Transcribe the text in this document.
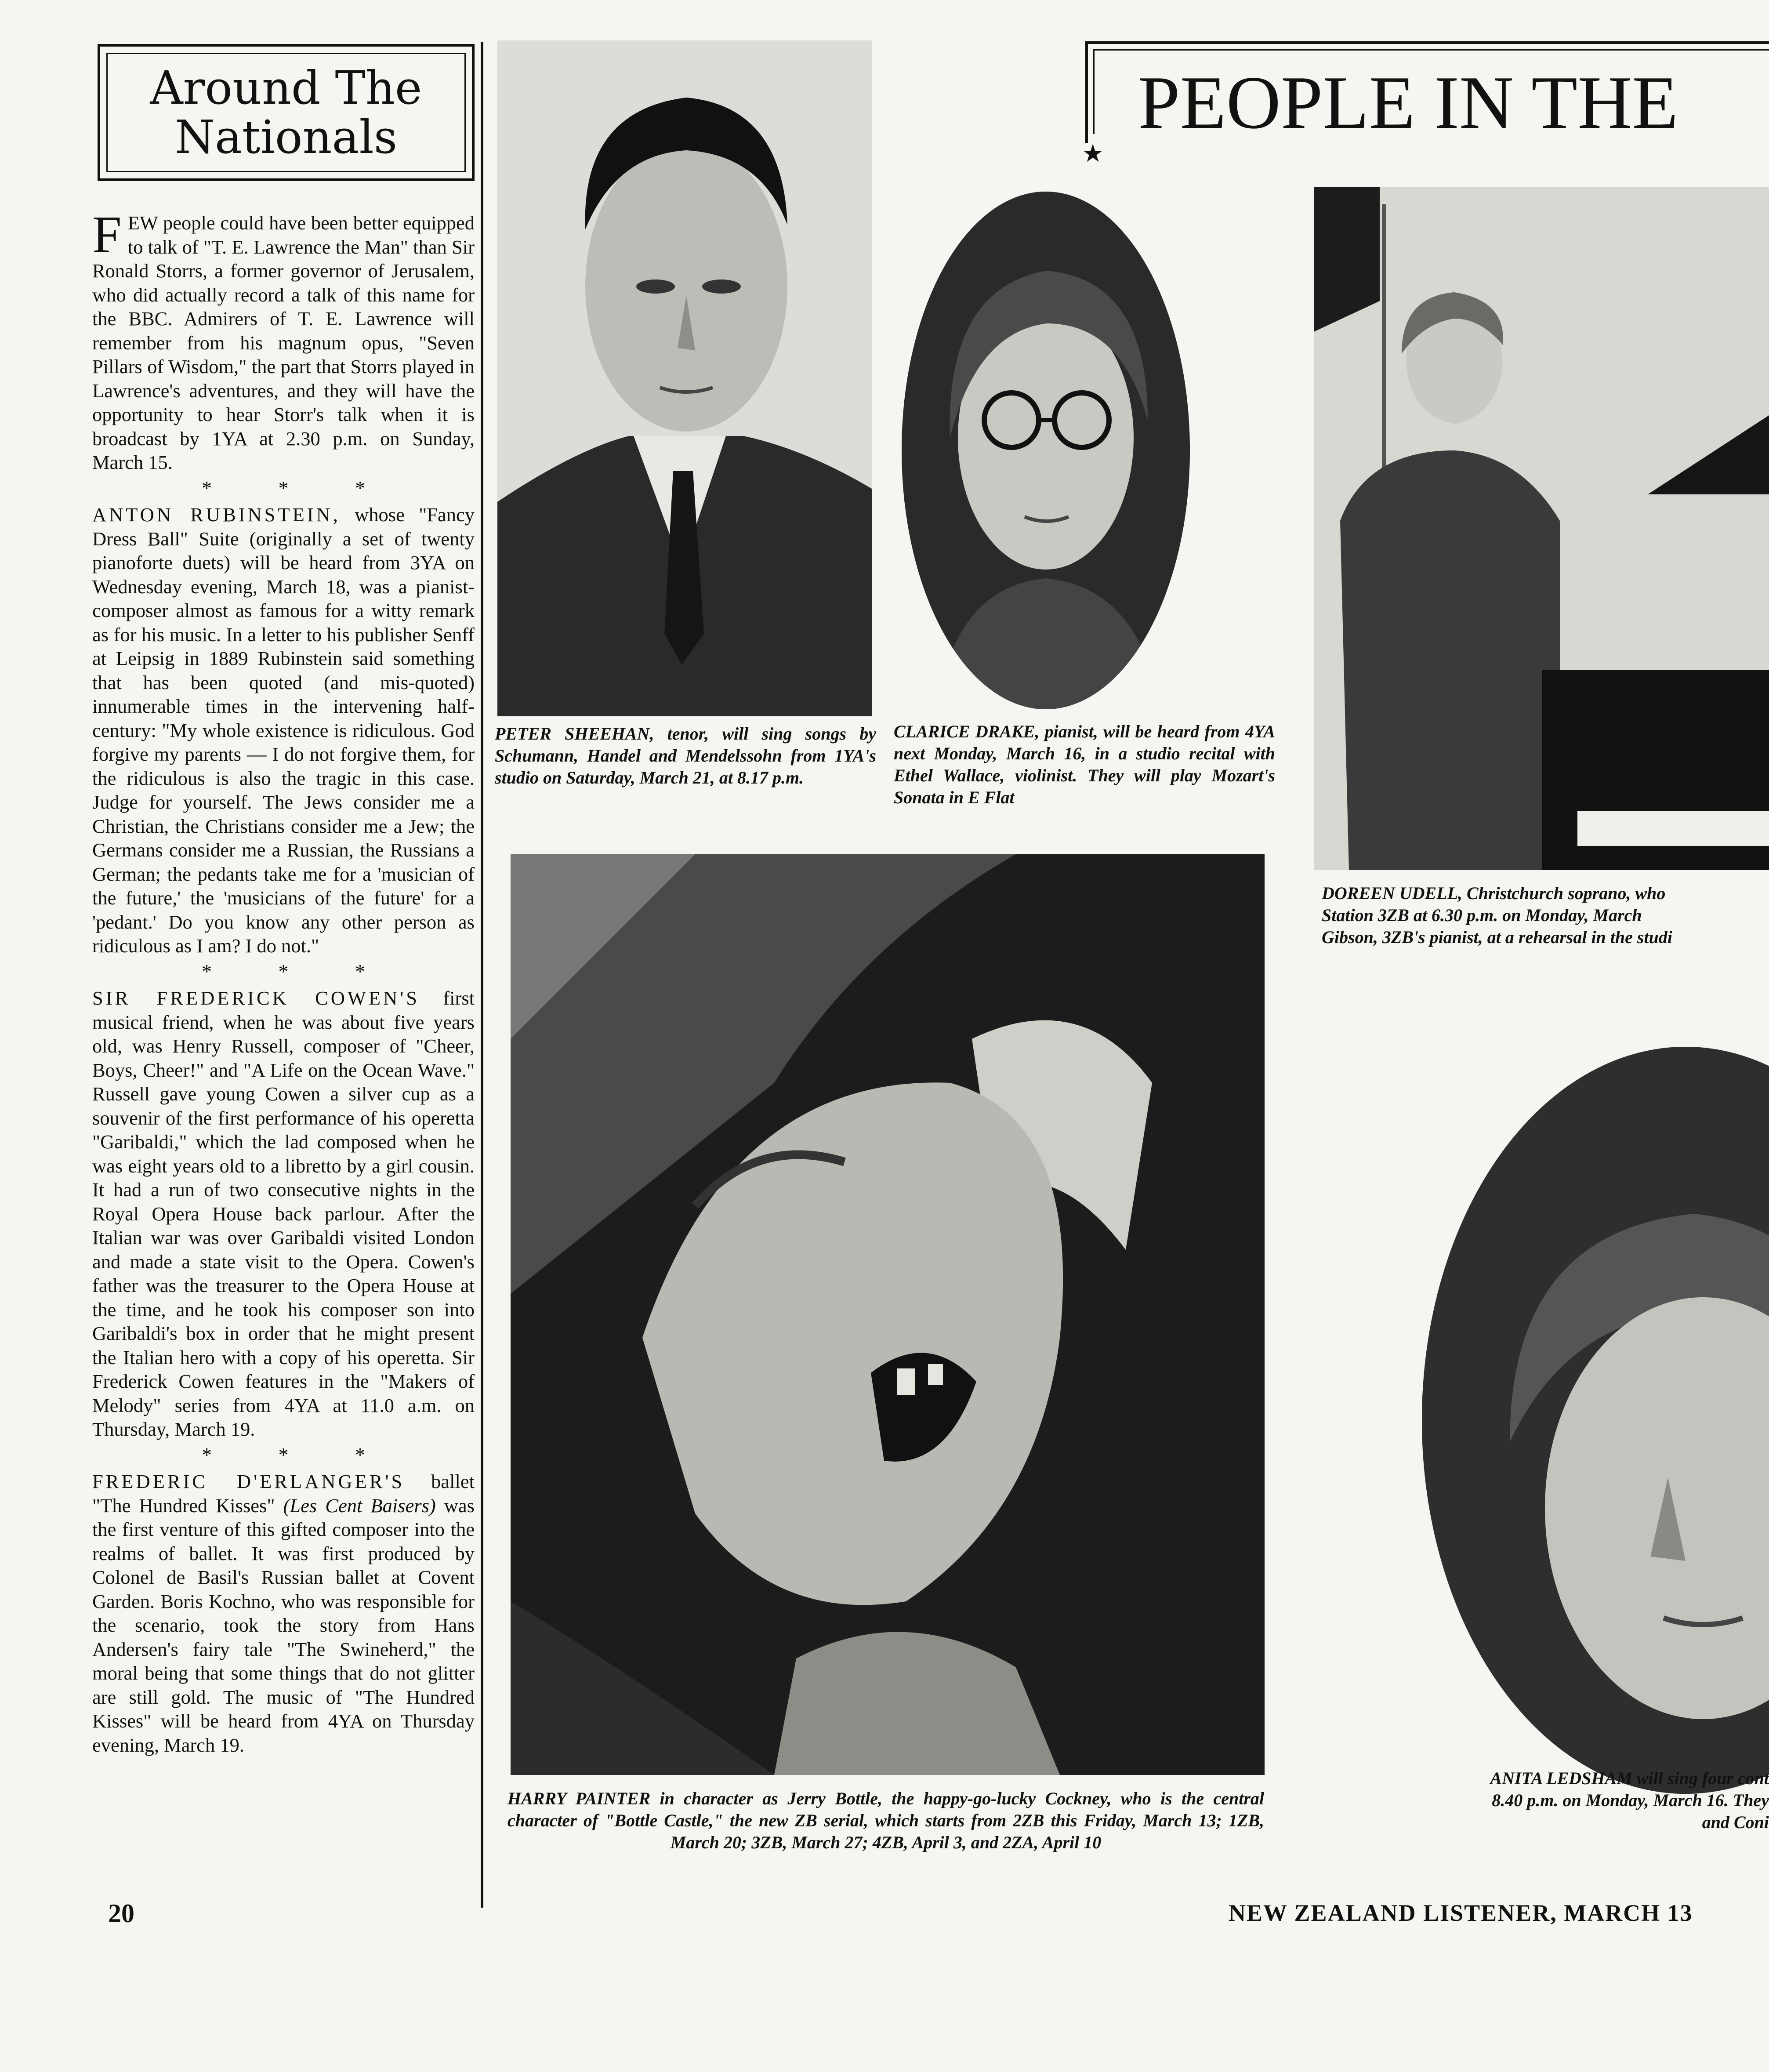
Around The
Nationals

FEW people could have been better equipped to talk of "T. E. Lawrence the Man" than Sir Ronald Storrs, a former governor of Jerusalem, who did actually record a talk of this name for the BBC. Admirers of T. E. Lawrence will remember from his magnum opus, "Seven Pillars of Wisdom," the part that Storrs played in Lawrence's adventures, and they will have the opportunity to hear Storr's talk when it is broadcast by 1YA at 2.30 p.m. on Sunday, March 15.

* * *

ANTON RUBINSTEIN, whose "Fancy Dress Ball" Suite (originally a set of twenty pianoforte duets) will be heard from 3YA on Wednesday evening, March 18, was a pianist-composer almost as famous for a witty remark as for his music. In a letter to his publisher Senff at Leipsig in 1889 Rubinstein said something that has been quoted (and mis-quoted) innumerable times in the intervening half-century: "My whole existence is ridiculous. God forgive my parents — I do not forgive them, for the ridiculous is also the tragic in this case. Judge for yourself. The Jews consider me a Christian, the Christians consider me a Jew; the Germans consider me a Russian, the Russians a German; the pedants take me for a 'musician of the future,' the 'musicians of the future' for a 'pedant.' Do you know any other person as ridiculous as I am? I do not."

* * *

SIR FREDERICK COWEN'S first musical friend, when he was about five years old, was Henry Russell, composer of "Cheer, Boys, Cheer!" and "A Life on the Ocean Wave." Russell gave young Cowen a silver cup as a souvenir of the first performance of his operetta "Garibaldi," which the lad composed when he was eight years old to a libretto by a girl cousin. It had a run of two consecutive nights in the Royal Opera House back parlour. After the Italian war was over Garibaldi visited London and made a state visit to the Opera. Cowen's father was the treasurer to the Opera House at the time, and he took his composer son into Garibaldi's box in order that he might present the Italian hero with a copy of his operetta. Sir Frederick Cowen features in the "Makers of Melody" series from 4YA at 11.0 a.m. on Thursday, March 19.

* * *

FREDERIC D'ERLANGER'S ballet "The Hundred Kisses" (Les Cent Baisers) was the first venture of this gifted composer into the realms of ballet. It was first produced by Colonel de Basil's Russian ballet at Covent Garden. Boris Kochno, who was responsible for the scenario, took the story from Hans Andersen's fairy tale "The Swineherd," the moral being that some things that do not glitter are still gold. The music of "The Hundred Kisses" will be heard from 4YA on Thursday evening, March 19.

PETER SHEEHAN, tenor, will sing songs by Schumann, Handel and Mendelssohn from 1YA's studio on Saturday, March 21, at 8.17 p.m.
CLARICE DRAKE, pianist, will be heard from 4YA next Monday, March 16, in a studio recital with Ethel Wallace, violinist. They will play Mozart's Sonata in E Flat
PEOPLE IN THE
★
DOREEN UDELL, Christchurch soprano, who
Station 3ZB at 6.30 p.m. on Monday, March
Gibson, 3ZB's pianist, at a rehearsal in the studi
HARRY PAINTER in character as Jerry Bottle, the happy-go-lucky Cockney, who is the central character of "Bottle Castle," the new ZB serial, which starts from 2ZB this Friday, March 13; 1ZB, March 20; 3ZB, March 27; 4ZB, April 3, and 2ZA, April 10
ANITA LEDSHAM will sing four cont
8.40 p.m. on Monday, March 16. They
and Coni
20	NEW ZEALAND LISTENER, MARCH 13
